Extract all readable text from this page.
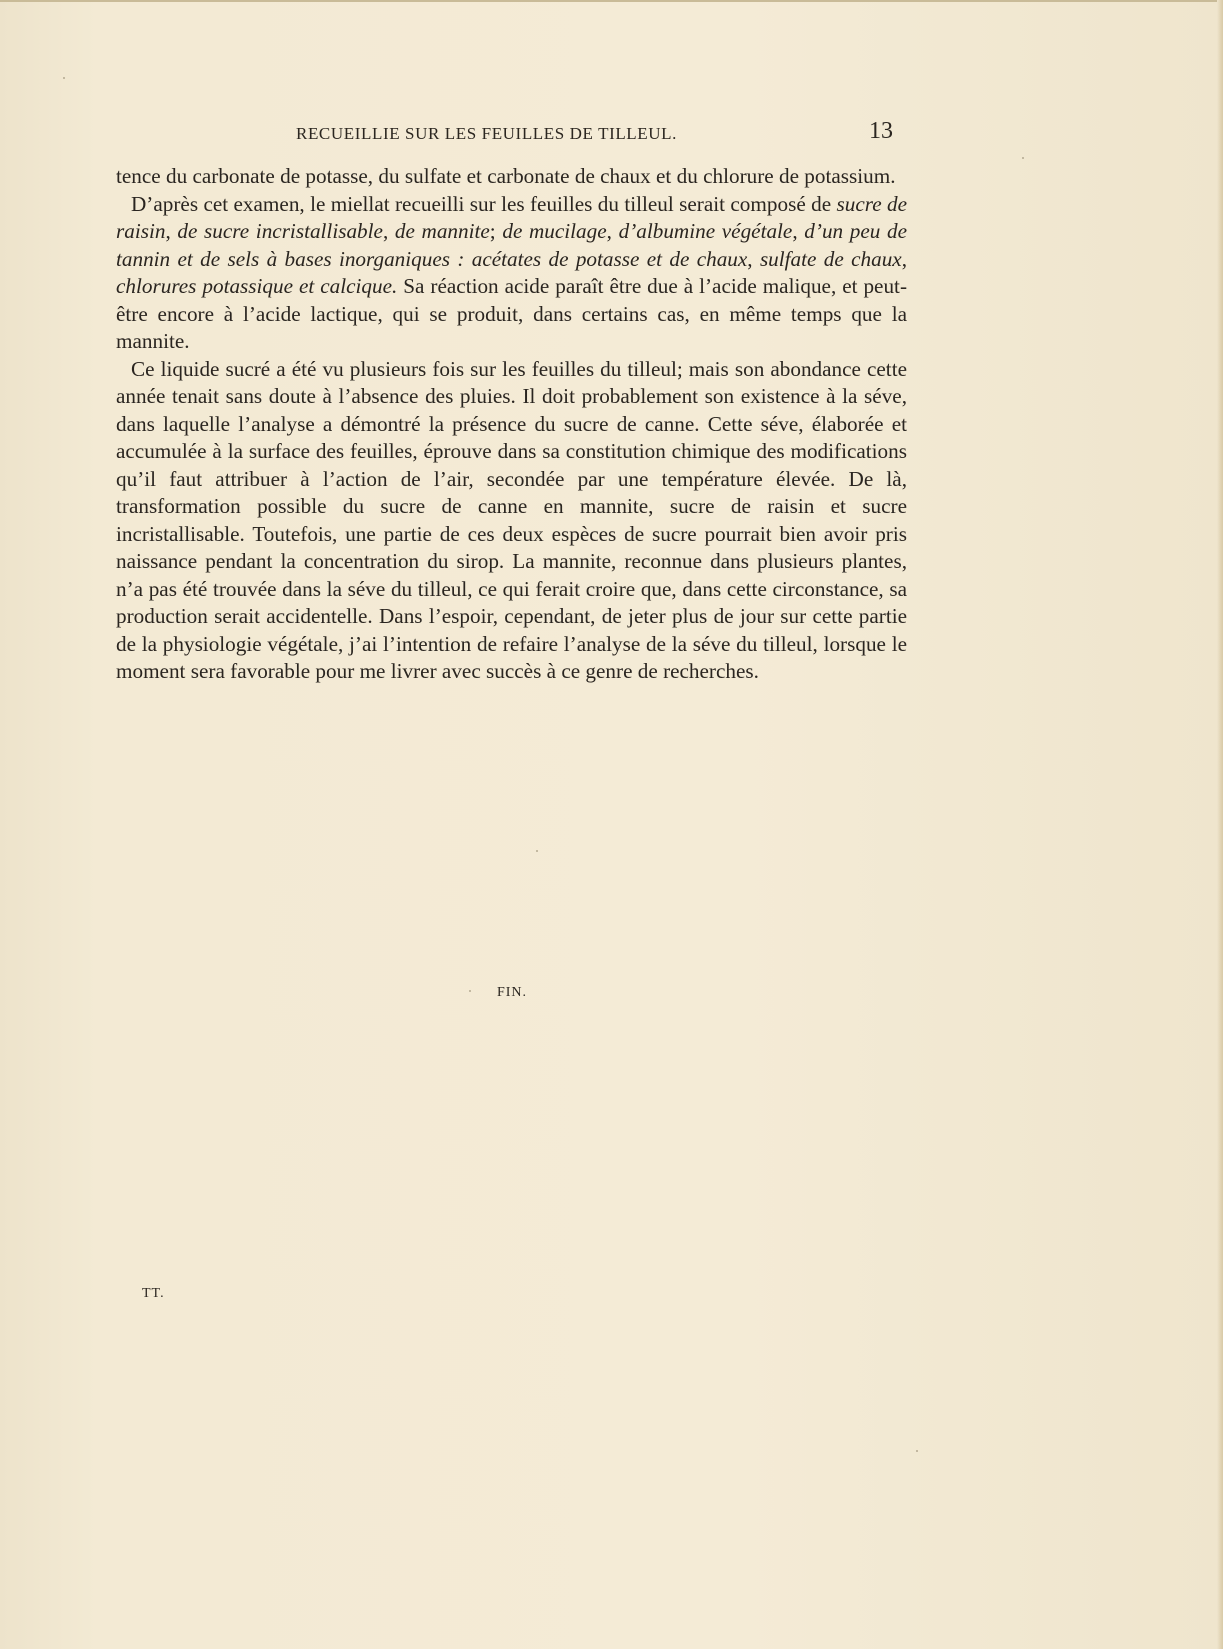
RECUEILLIE SUR LES FEUILLES DE TILLEUL.	13

tence du carbonate de potasse, du sulfate et carbonate de chaux et du chlorure de potassium.

D’après cet examen, le miellat recueilli sur les feuilles du tilleul serait composé de sucre de raisin, de sucre incristallisable, de mannite; de mucilage, d’albumine végétale, d’un peu de tannin et de sels à bases inorganiques : acétates de potasse et de chaux, sulfate de chaux, chlorures potassique et calcique. Sa réaction acide paraît être due à l’acide malique, et peut-être encore à l’acide lactique, qui se produit, dans certains cas, en même temps que la mannite.

Ce liquide sucré a été vu plusieurs fois sur les feuilles du tilleul; mais son abondance cette année tenait sans doute à l’absence des pluies. Il doit probablement son existence à la séve, dans laquelle l’analyse a démontré la présence du sucre de canne. Cette séve, élaborée et accumulée à la surface des feuilles, éprouve dans sa constitution chimique des modifications qu’il faut attribuer à l’action de l’air, secondée par une température élevée. De là, transformation possible du sucre de canne en mannite, sucre de raisin et sucre incristallisable. Toutefois, une partie de ces deux espèces de sucre pourrait bien avoir pris naissance pendant la concentration du sirop. La mannite, reconnue dans plusieurs plantes, n’a pas été trouvée dans la séve du tilleul, ce qui ferait croire que, dans cette circonstance, sa production serait accidentelle. Dans l’espoir, cependant, de jeter plus de jour sur cette partie de la physiologie végétale, j’ai l’intention de refaire l’analyse de la séve du tilleul, lorsque le moment sera favorable pour me livrer avec succès à ce genre de recherches.

FIN.
TT.
